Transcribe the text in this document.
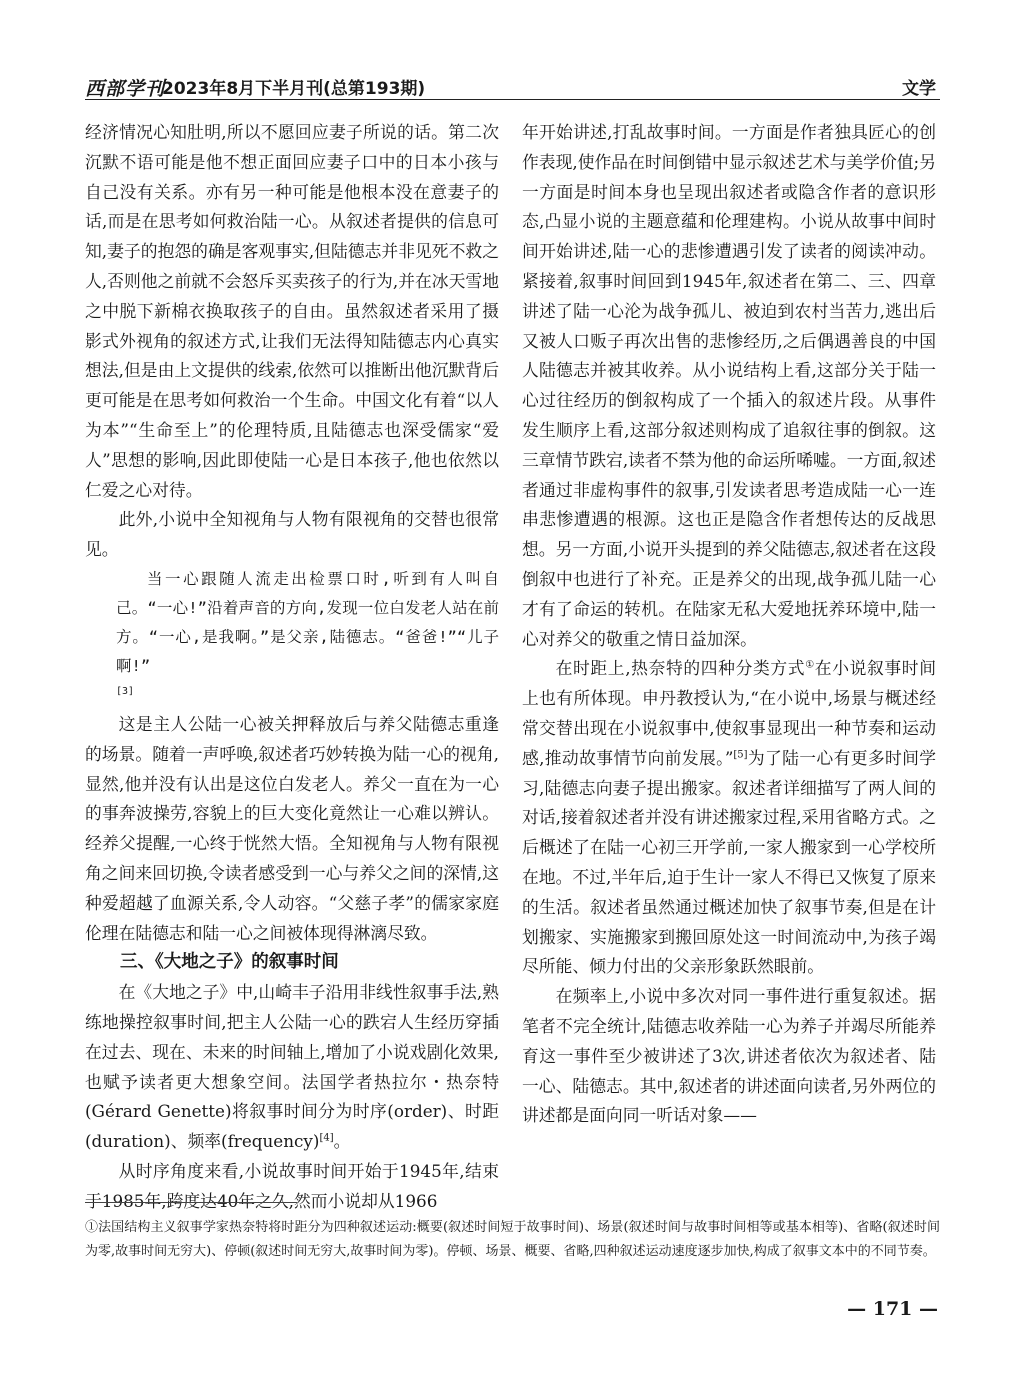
西部学刊
2023年8月下半月刊(总第193期)	文学

经济情况心知肚明,所以不愿回应妻子所说的话。第二次沉默不语可能是他不想正面回应妻子口中的日本小孩与自己没有关系。亦有另一种可能是他根本没在意妻子的话,而是在思考如何救治陆一心。从叙述者提供的信息可知,妻子的抱怨的确是客观事实,但陆德志并非见死不救之人,否则他之前就不会怒斥买卖孩子的行为,并在冰天雪地之中脱下新棉衣换取孩子的自由。虽然叙述者采用了摄影式外视角的叙述方式,让我们无法得知陆德志内心真实想法,但是由上文提供的线索,依然可以推断出他沉默背后更可能是在思考如何救治一个生命。中国文化有着“以人为本”“生命至上”的伦理特质,且陆德志也深受儒家“爱人”思想的影响,因此即使陆一心是日本孩子,他也依然以仁爱之心对待。

此外,小说中全知视角与人物有限视角的交替也很常见。

当一心跟随人流走出检票口时,听到有人叫自己。“一心!”沿着声音的方向,发现一位白发老人站在前方。“一心,是我啊。”是父亲,陆德志。“爸爸!”“儿子啊!”
[3]

这是主人公陆一心被关押释放后与养父陆德志重逢的场景。随着一声呼唤,叙述者巧妙转换为陆一心的视角,显然,他并没有认出是这位白发老人。养父一直在为一心的事奔波操劳,容貌上的巨大变化竟然让一心难以辨认。经养父提醒,一心终于恍然大悟。全知视角与人物有限视角之间来回切换,令读者感受到一心与养父之间的深情,这种爱超越了血源关系,令人动容。“父慈子孝”的儒家家庭伦理在陆德志和陆一心之间被体现得淋漓尽致。

三、《大地之子》的叙事时间

在《大地之子》中,山崎丰子沿用非线性叙事手法,熟练地操控叙事时间,把主人公陆一心的跌宕人生经历穿插在过去、现在、未来的时间轴上,增加了小说戏剧化效果,也赋予读者更大想象空间。法国学者热拉尔・热奈特(Gérard Genette)将叙事时间分为时序(order)、时距(duration)、频率(frequency)[4]。

从时序角度来看,小说故事时间开始于1945年,结束于1985年,跨度达40年之久,然而小说却从1966

年开始讲述,打乱故事时间。一方面是作者独具匠心的创作表现,使作品在时间倒错中显示叙述艺术与美学价值;另一方面是时间本身也呈现出叙述者或隐含作者的意识形态,凸显小说的主题意蕴和伦理建构。小说从故事中间时间开始讲述,陆一心的悲惨遭遇引发了读者的阅读冲动。紧接着,叙事时间回到1945年,叙述者在第二、三、四章讲述了陆一心沦为战争孤儿、被迫到农村当苦力,逃出后又被人口贩子再次出售的悲惨经历,之后偶遇善良的中国人陆德志并被其收养。从小说结构上看,这部分关于陆一心过往经历的倒叙构成了一个插入的叙述片段。从事件发生顺序上看,这部分叙述则构成了追叙往事的倒叙。这三章情节跌宕,读者不禁为他的命运所唏嘘。一方面,叙述者通过非虚构事件的叙事,引发读者思考造成陆一心一连串悲惨遭遇的根源。这也正是隐含作者想传达的反战思想。另一方面,小说开头提到的养父陆德志,叙述者在这段倒叙中也进行了补充。正是养父的出现,战争孤儿陆一心才有了命运的转机。在陆家无私大爱地抚养环境中,陆一心对养父的敬重之情日益加深。

在时距上,热奈特的四种分类方式①在小说叙事时间上也有所体现。申丹教授认为,“在小说中,场景与概述经常交替出现在小说叙事中,使叙事显现出一种节奏和运动感,推动故事情节向前发展。”[5]为了陆一心有更多时间学习,陆德志向妻子提出搬家。叙述者详细描写了两人间的对话,接着叙述者并没有讲述搬家过程,采用省略方式。之后概述了在陆一心初三开学前,一家人搬家到一心学校所在地。不过,半年后,迫于生计一家人不得已又恢复了原来的生活。叙述者虽然通过概述加快了叙事节奏,但是在计划搬家、实施搬家到搬回原处这一时间流动中,为孩子竭尽所能、倾力付出的父亲形象跃然眼前。

在频率上,小说中多次对同一事件进行重复叙述。据笔者不完全统计,陆德志收养陆一心为养子并竭尽所能养育这一事件至少被讲述了3次,讲述者依次为叙述者、陆一心、陆德志。其中,叙述者的讲述面向读者,另外两位的讲述都是面向同一听话对象——

①法国结构主义叙事学家热奈特将时距分为四种叙述运动:概要(叙述时间短于故事时间)、场景(叙述时间与故事时间相等或基本相等)、省略(叙述时间为零,故事时间无穷大)、停顿(叙述时间无穷大,故事时间为零)。停顿、场景、概要、省略,四种叙述运动速度逐步加快,构成了叙事文本中的不同节奏。
— 171 —
